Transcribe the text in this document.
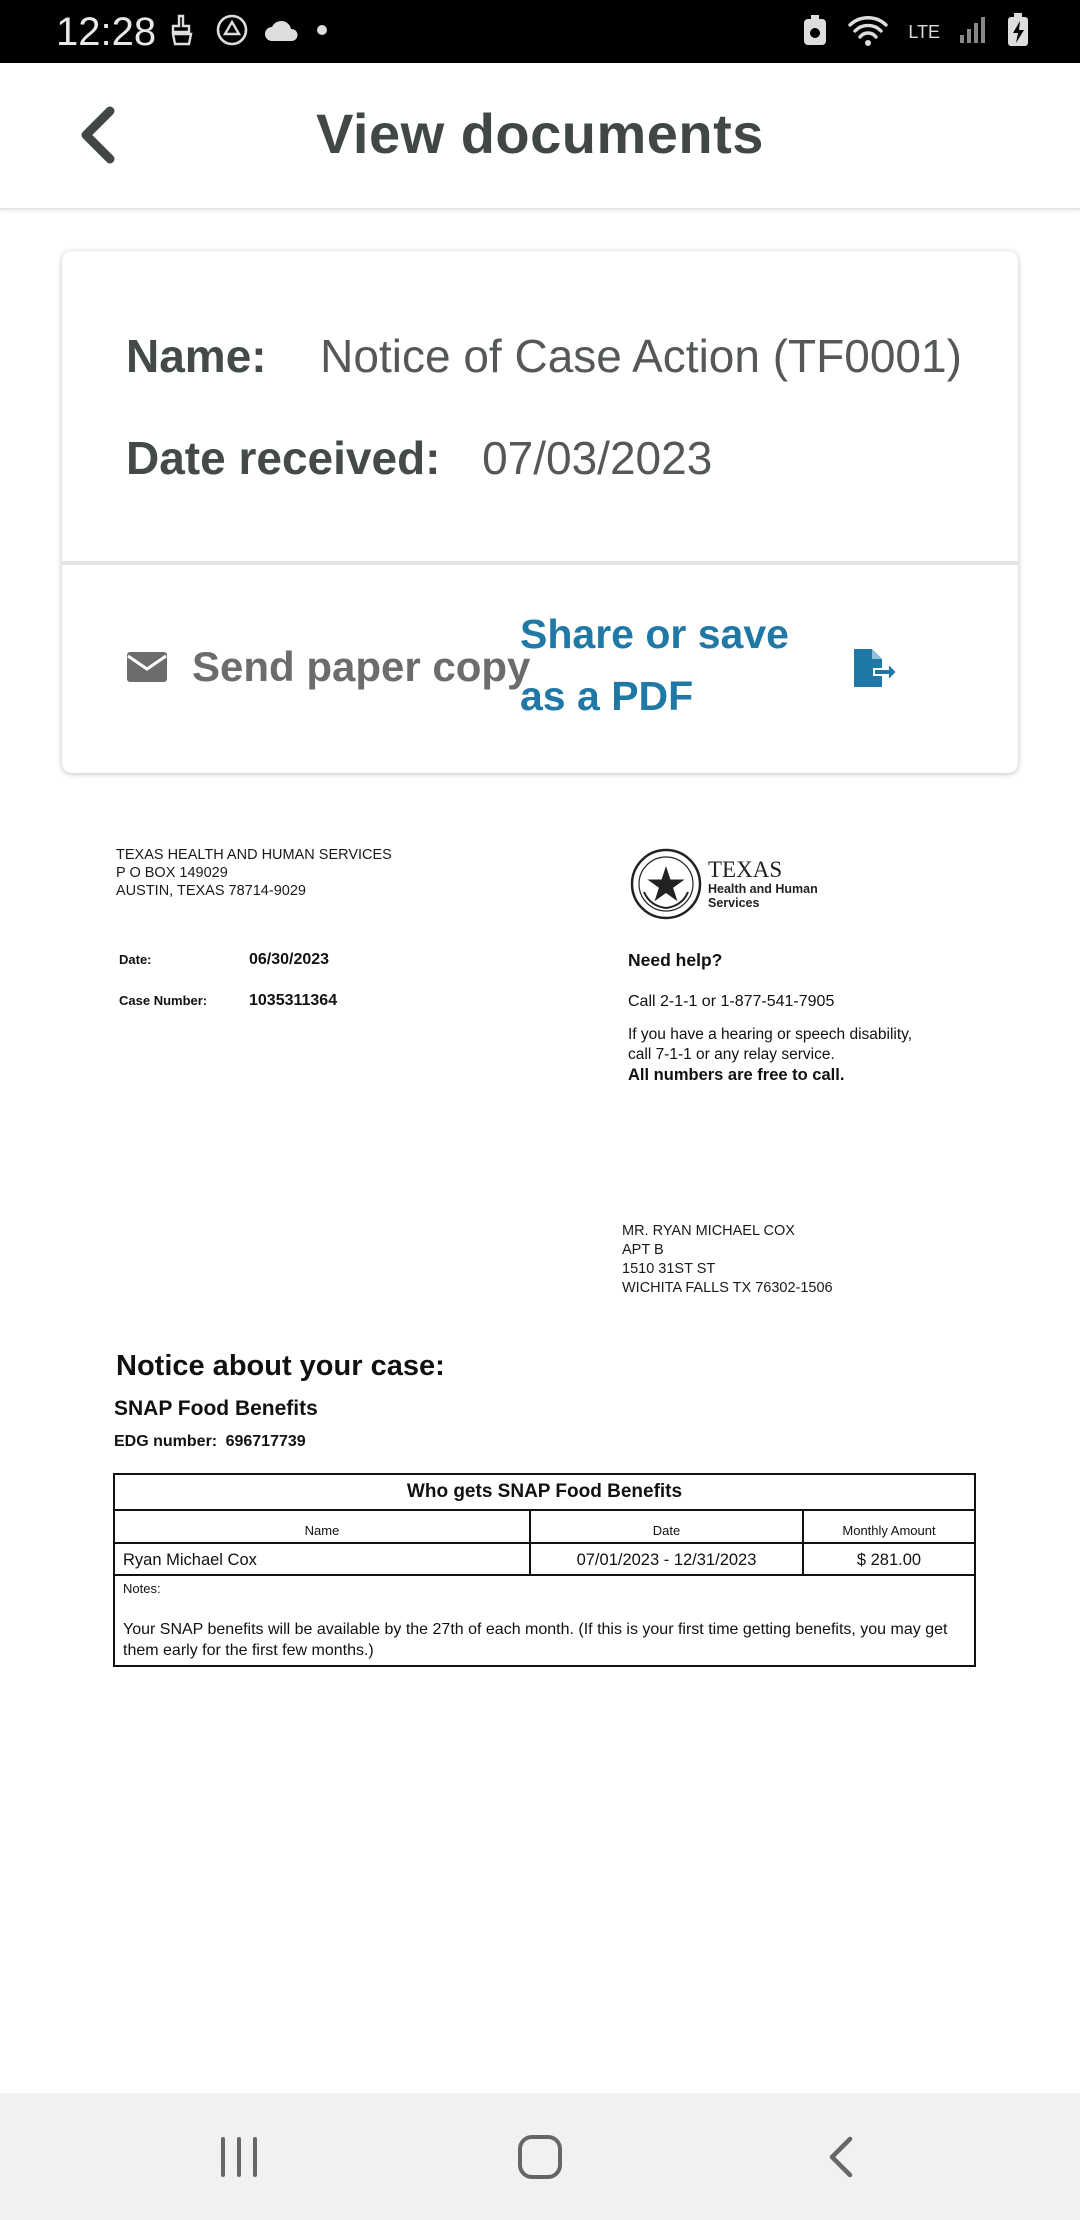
12:28	LTE
View documents
Name: Notice of Case Action (TF0001)
Date received: 07/03/2023
Send paper copy
Share or save as a PDF
TEXAS HEALTH AND HUMAN SERVICES
P O BOX 149029
AUSTIN, TEXAS 78714-9029
TEXAS
Health and Human
Services
Date:	06/30/2023
Case Number:	1035311364
Need help?
Call 2-1-1 or 1-877-541-7905
If you have a hearing or speech disability,
call 7-1-1 or any relay service.
All numbers are free to call.
MR. RYAN MICHAEL COX
APT B
1510 31ST ST
WICHITA FALLS TX 76302-1506
Notice about your case:
SNAP Food Benefits
EDG number: 696717739
Who gets SNAP Food Benefits
Name	Date	Monthly Amount
Ryan Michael Cox	07/01/2023 - 12/31/2023	$ 281.00
Notes:
Your SNAP benefits will be available by the 27th of each month. (If this is your first time getting benefits, you may get them early for the first few months.)
